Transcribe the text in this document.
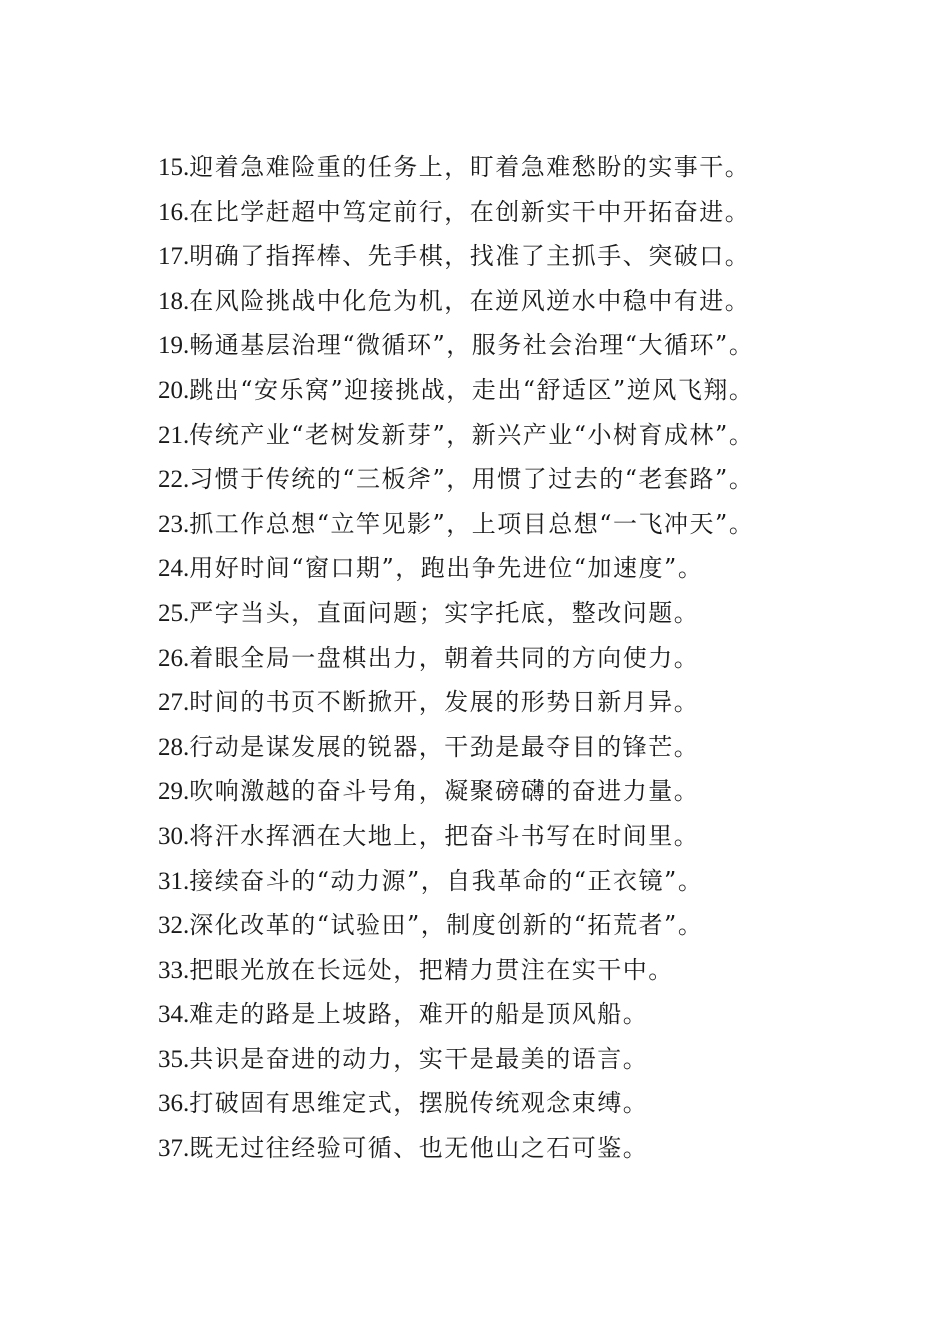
15.迎着急难险重的任务上，盯着急难愁盼的实事干。
16.在比学赶超中笃定前行，在创新实干中开拓奋进。
17.明确了指挥棒、先手棋，找准了主抓手、突破口。
18.在风险挑战中化危为机，在逆风逆水中稳中有进。
19.畅通基层治理“微循环”，服务社会治理“大循环”。
20.跳出“安乐窝”迎接挑战，走出“舒适区”逆风飞翔。
21.传统产业“老树发新芽”，新兴产业“小树育成林”。
22.习惯于传统的“三板斧”，用惯了过去的“老套路”。
23.抓工作总想“立竿见影”，上项目总想“一飞冲天”。
24.用好时间“窗口期”，跑出争先进位“加速度”。
25.严字当头，直面问题；实字托底，整改问题。
26.着眼全局一盘棋出力，朝着共同的方向使力。
27.时间的书页不断掀开，发展的形势日新月异。
28.行动是谋发展的锐器，干劲是最夺目的锋芒。
29.吹响激越的奋斗号角，凝聚磅礴的奋进力量。
30.将汗水挥洒在大地上，把奋斗书写在时间里。
31.接续奋斗的“动力源”，自我革命的“正衣镜”。
32.深化改革的“试验田”，制度创新的“拓荒者”。
33.把眼光放在长远处，把精力贯注在实干中。
34.难走的路是上坡路，难开的船是顶风船。
35.共识是奋进的动力，实干是最美的语言。
36.打破固有思维定式，摆脱传统观念束缚。
37.既无过往经验可循、也无他山之石可鉴。
